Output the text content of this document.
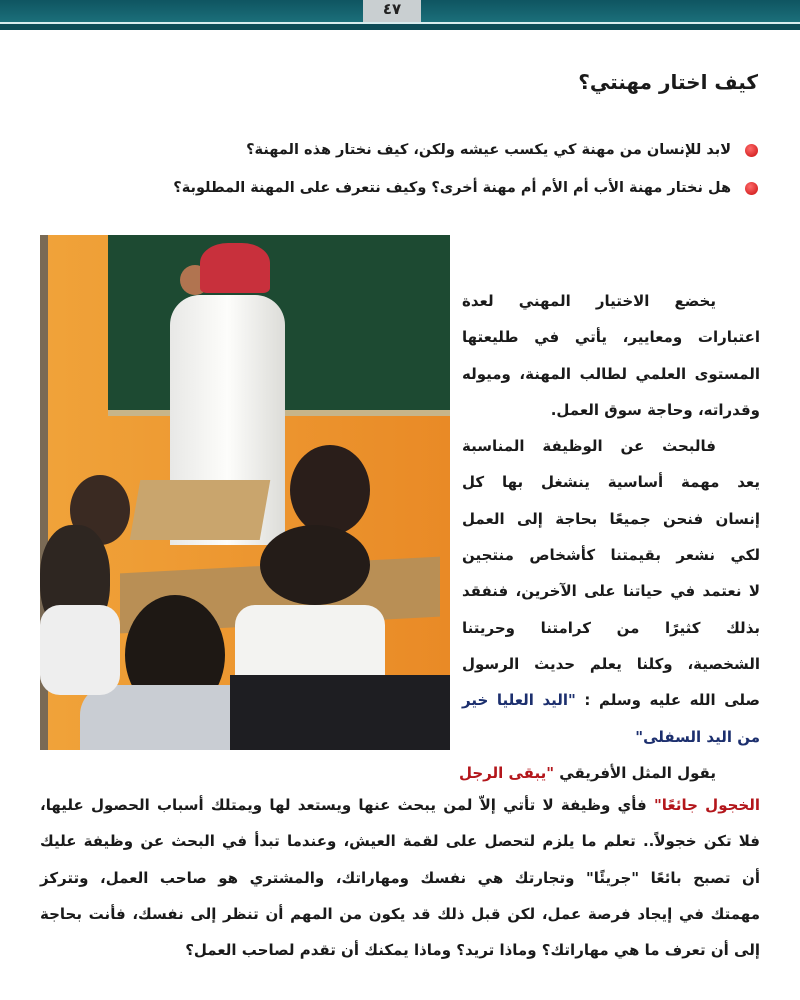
٤٧
كيف اختار مهنتي؟
لابد للإنسان من مهنة كي يكسب عيشه ولكن، كيف نختار هذه المهنة؟
هل نختار مهنة الأب أم الأم أم مهنة أخرى؟ وكيف نتعرف على المهنة المطلوبة؟
يخضع الاختيار المهني لعدة
اعتبارات ومعايير، يأتي في طليعتها
المستوى العلمي لطالب المهنة، وميوله
وقدراته، وحاجة سوق العمل.
فالبحث عن الوظيفة المناسبة
يعد مهمة أساسية ينشغل بها كل
إنسان فنحن جميعًا بحاجة إلى العمل
لكي نشعر بقيمتنا كأشخاص منتجين
لا نعتمد في حياتنا على الآخرين، فنفقد
بذلك كثيرًا من كرامتنا وحريتنا
الشخصية، وكلنا يعلم حديث الرسول
صلى الله عليه وسلم : "اليد العليا خير
من اليد السفلى"
يقول المثل الأفريقي "يبقى الرجل
الخجول جائعًا" فأي وظيفة لا تأتي إلاّ لمن يبحث عنها ويستعد لها ويمتلك أسباب الحصول عليها،
فلا تكن خجولاً.. تعلم ما يلزم لتحصل على لقمة العيش، وعندما تبدأ في البحث عن وظيفة عليك
أن تصبح بائعًا "جريئًا" وتجارتك هي نفسك ومهاراتك، والمشتري هو صاحب العمل، وتتركز
مهمتك في إيجاد فرصة عمل، لكن قبل ذلك قد يكون من المهم أن تنظر إلى نفسك، فأنت بحاجة
إلى أن تعرف ما هي مهاراتك؟ وماذا تريد؟ وماذا يمكنك أن تقدم لصاحب العمل؟
